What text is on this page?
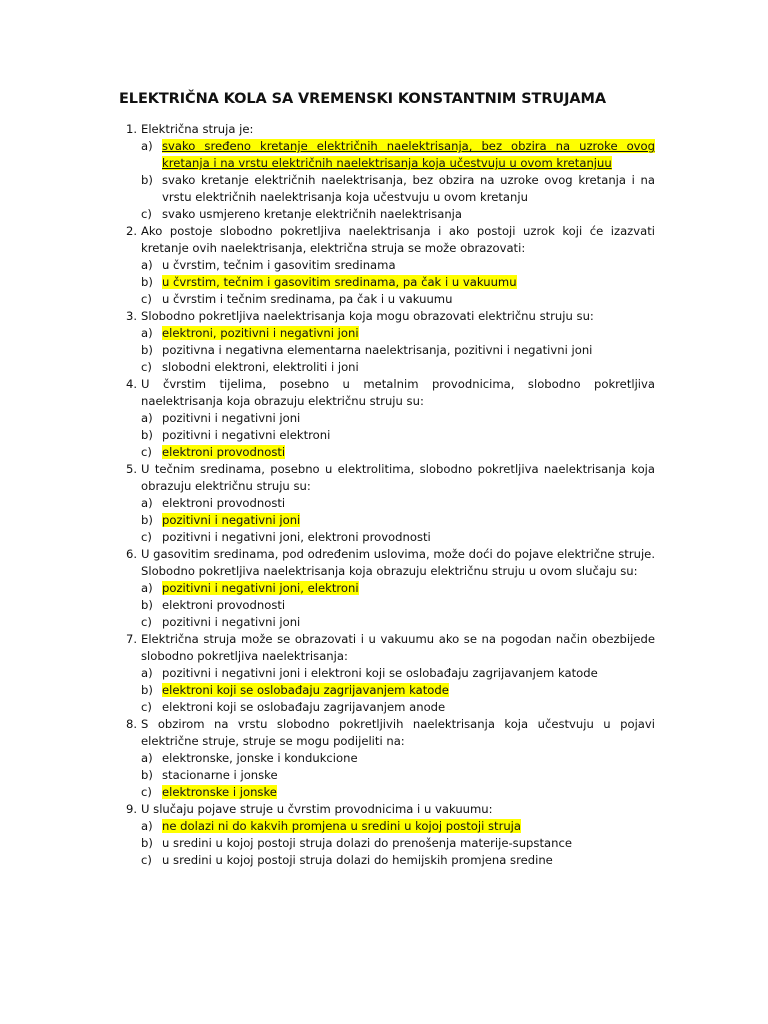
ELEKTRIČNA KOLA SA VREMENSKI KONSTANTNIM STRUJAMA
1. Električna struja je:
a) svako sređeno kretanje električnih naelektrisanja, bez obzira na uzroke ovog kretanja i na vrstu električnih naelektrisanja koja učestvuju u ovom kretanjuu
b) svako kretanje električnih naelektrisanja, bez obzira na uzroke ovog kretanja i na vrstu električnih naelektrisanja koja učestvuju u ovom kretanju
c) svako usmjereno kretanje električnih naelektrisanja
2. Ako postoje slobodno pokretljiva naelektrisanja i ako postoji uzrok koji će izazvati kretanje ovih naelektrisanja, električna struja se može obrazovati:
a) u čvrstim, tečnim i gasovitim sredinama
b) u čvrstim, tečnim i gasovitim sredinama, pa čak i u vakuumu
c) u čvrstim i tečnim sredinama, pa čak i u vakuumu
3. Slobodno pokretljiva naelektrisanja koja mogu obrazovati električnu struju su:
a) elektroni, pozitivni i negativni joni
b) pozitivna i negativna elementarna naelektrisanja, pozitivni i negativni joni
c) slobodni elektroni, elektroliti i joni
4. U čvrstim tijelima, posebno u metalnim provodnicima, slobodno pokretljiva naelektrisanja koja obrazuju električnu struju su:
a) pozitivni i negativni joni
b) pozitivni i negativni elektroni
c) elektroni provodnosti
5. U tečnim sredinama, posebno u elektrolitima, slobodno pokretljiva naelektrisanja koja obrazuju električnu struju su:
a) elektroni provodnosti
b) pozitivni i negativni joni
c) pozitivni i negativni joni, elektroni provodnosti
6. U gasovitim sredinama, pod određenim uslovima, može doći do pojave električne struje. Slobodno pokretljiva naelektrisanja koja obrazuju električnu struju u ovom slučaju su:
a) pozitivni i negativni joni, elektroni
b) elektroni provodnosti
c) pozitivni i negativni joni
7. Električna struja može se obrazovati i u vakuumu ako se na pogodan način obezbijede slobodno pokretljiva naelektrisanja:
a) pozitivni i negativni joni i elektroni koji se oslobađaju zagrijavanjem katode
b) elektroni koji se oslobađaju zagrijavanjem katode
c) elektroni koji se oslobađaju zagrijavanjem anode
8. S obzirom na vrstu slobodno pokretljivih naelektrisanja koja učestvuju u pojavi električne struje, struje se mogu podijeliti na:
a) elektronske, jonske i kondukcione
b) stacionarne i jonske
c) elektronske i jonske
9. U slučaju pojave struje u čvrstim provodnicima i u vakuumu:
a) ne dolazi ni do kakvih promjena u sredini u kojoj postoji struja
b) u sredini u kojoj postoji struja dolazi do prenošenja materije-supstance
c) u sredini u kojoj postoji struja dolazi do hemijskih promjena sredine
